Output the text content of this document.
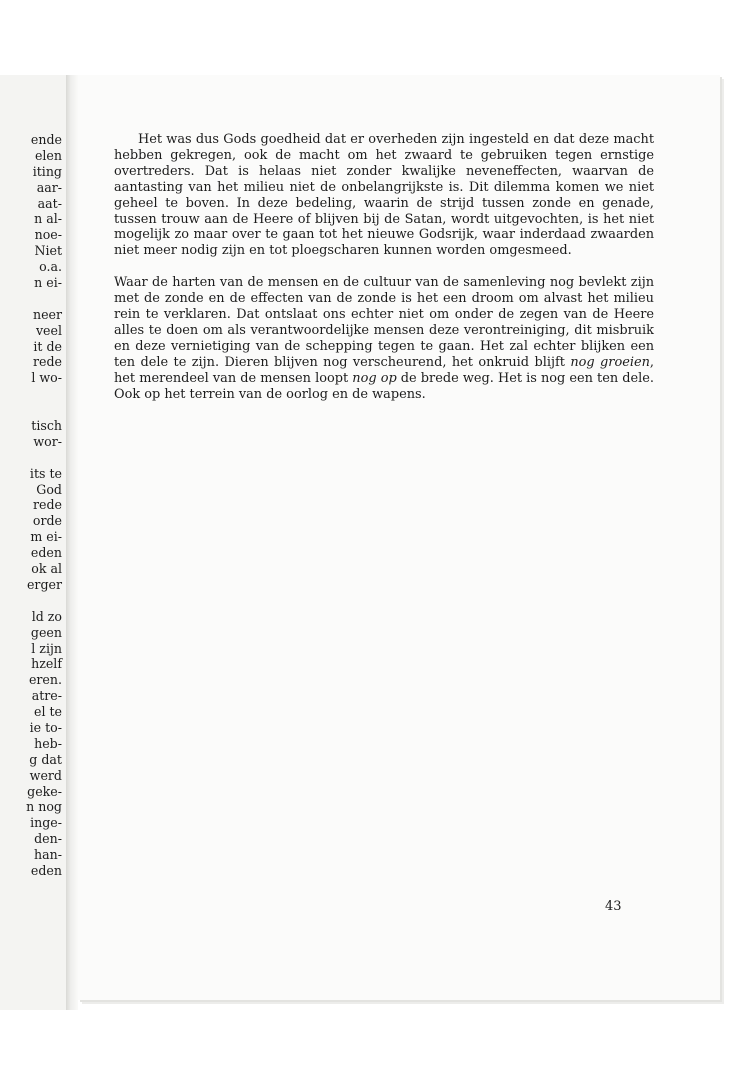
ende
elen
iting
aar-
aat-
n al-
noe-
Niet
o.a.
n ei-
neer
veel
it de
rede
l wo-
tisch
wor-
its te
God
rede
orde
m ei-
eden
ok al
erger
ld zo
geen
l zijn
hzelf
eren.
atre-
el te
ie to-
heb-
g dat
werd
geke-
n nog
inge-
den-
han-
eden

Het was dus Gods goedheid dat er overheden zijn ingesteld en dat deze macht hebben gekregen, ook de macht om het zwaard te gebruiken tegen ernstige overtreders. Dat is helaas niet zonder kwalijke neveneffecten, waarvan de aantasting van het milieu niet de onbelangrijkste is. Dit dilemma komen we niet geheel te boven. In deze bedeling, waarin de strijd tussen zonde en genade, tussen trouw aan de Heere of blijven bij de Satan, wordt uitgevochten, is het niet mogelijk zo maar over te gaan tot het nieuwe Godsrijk, waar inderdaad zwaarden niet meer nodig zijn en tot ploegscharen kunnen worden omgesmeed.

Waar de harten van de mensen en de cultuur van de samenleving nog bevlekt zijn met de zonde en de effecten van de zonde is het een droom om alvast het milieu rein te verklaren. Dat ontslaat ons echter niet om onder de zegen van de Heere alles te doen om als verantwoordelijke mensen deze verontreiniging, dit misbruik en deze vernietiging van de schepping tegen te gaan. Het zal echter blijken een ten dele te zijn. Dieren blijven nog verscheurend, het onkruid blijft nog groeien, het merendeel van de mensen loopt nog op de brede weg. Het is nog een ten dele. Ook op het terrein van de oorlog en de wapens.

43
